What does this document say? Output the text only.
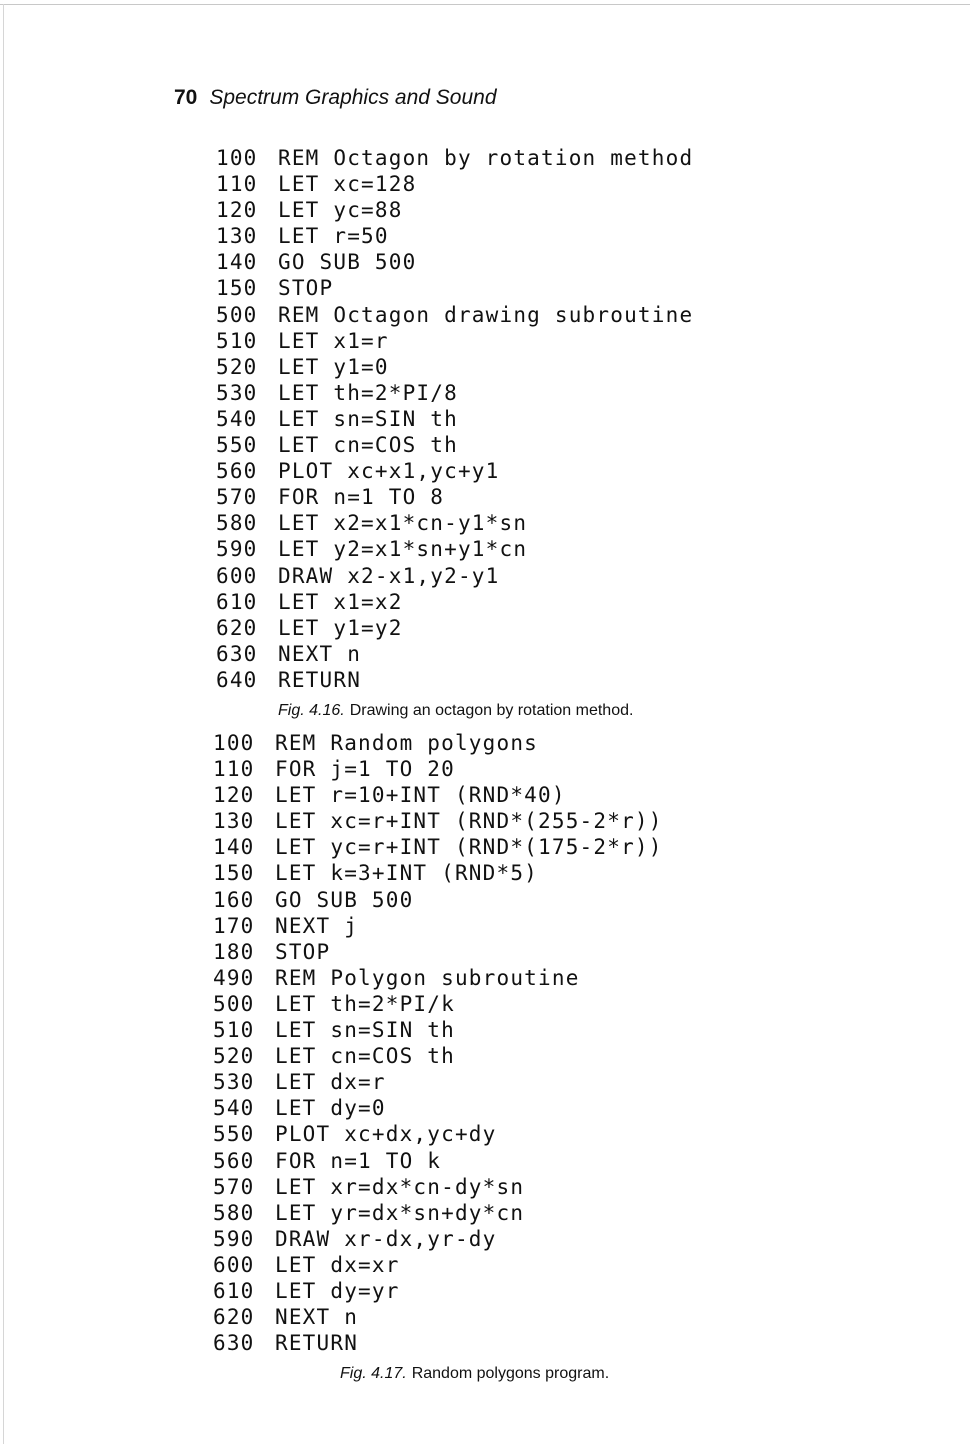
70 Spectrum Graphics and Sound
100 REM Octagon by rotation method
110 LET xc=128
120 LET yc=88
130 LET r=50
140 GO SUB 500
150 STOP
500 REM Octagon drawing subroutine
510 LET x1=r
520 LET y1=0
530 LET th=2*PI/8
540 LET sn=SIN th
550 LET cn=COS th
560 PLOT xc+x1,yc+y1
570 FOR n=1 TO 8
580 LET x2=x1*cn-y1*sn
590 LET y2=x1*sn+y1*cn
600 DRAW x2-x1,y2-y1
610 LET x1=x2
620 LET y1=y2
630 NEXT n
640 RETURN
Fig. 4.16. Drawing an octagon by rotation method.
100 REM Random polygons
110 FOR j=1 TO 20
120 LET r=10+INT (RND*40)
130 LET xc=r+INT (RND*(255-2*r))
140 LET yc=r+INT (RND*(175-2*r))
150 LET k=3+INT (RND*5)
160 GO SUB 500
170 NEXT j
180 STOP
490 REM Polygon subroutine
500 LET th=2*PI/k
510 LET sn=SIN th
520 LET cn=COS th
530 LET dx=r
540 LET dy=0
550 PLOT xc+dx,yc+dy
560 FOR n=1 TO k
570 LET xr=dx*cn-dy*sn
580 LET yr=dx*sn+dy*cn
590 DRAW xr-dx,yr-dy
600 LET dx=xr
610 LET dy=yr
620 NEXT n
630 RETURN
Fig. 4.17. Random polygons program.
